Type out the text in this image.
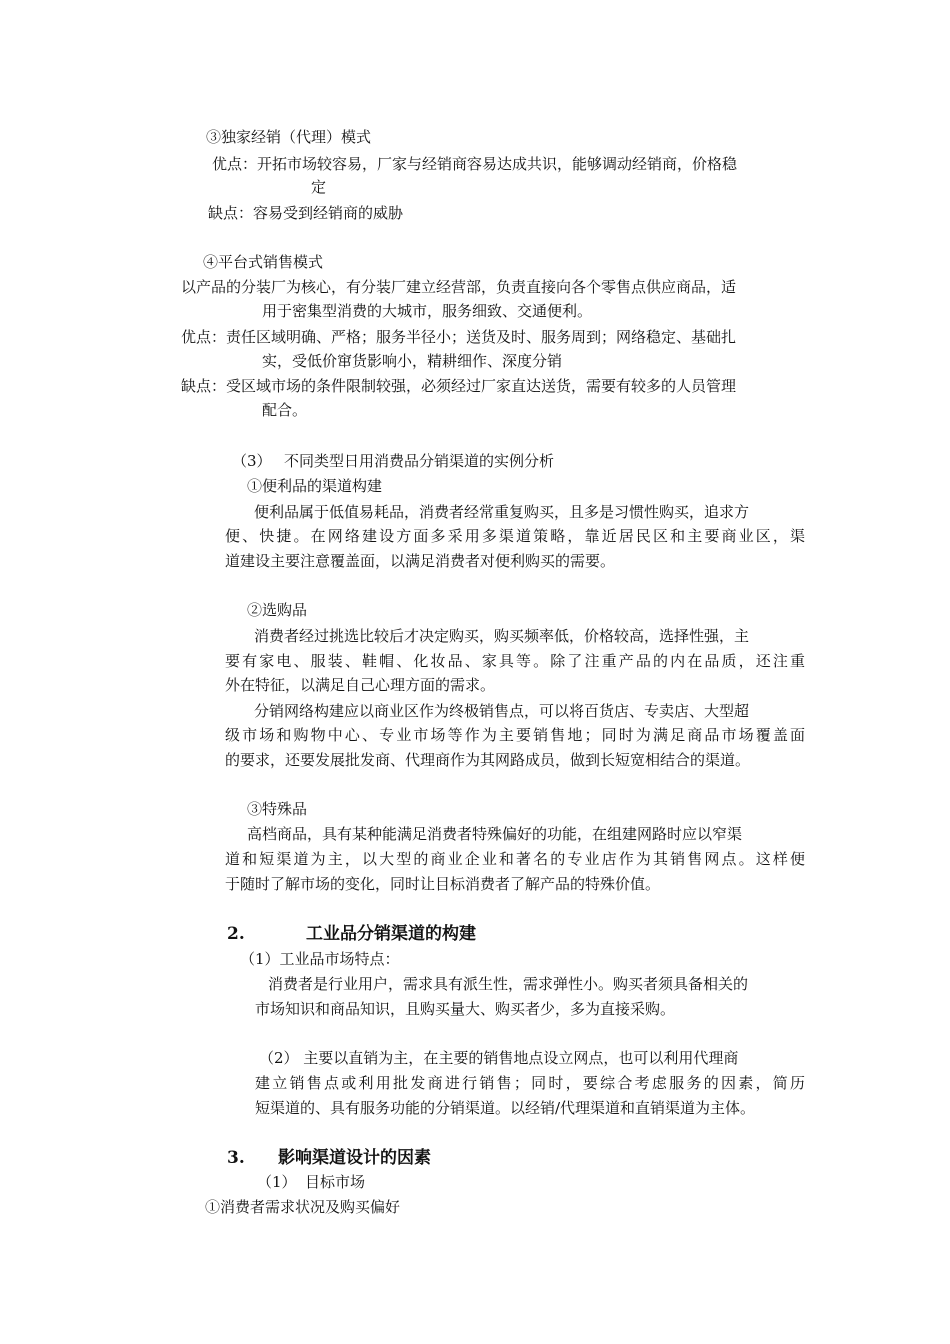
③独家经销（代理）模式
优点：开拓市场较容易，厂家与经销商容易达成共识，能够调动经销商，价格稳
定
缺点：容易受到经销商的威胁
④平台式销售模式
以产品的分装厂为核心，有分装厂建立经营部，负责直接向各个零售点供应商品，适
用于密集型消费的大城市，服务细致、交通便利。
优点：责任区域明确、严格；服务半径小；送货及时、服务周到；网络稳定、基础扎
实，受低价窜货影响小，精耕细作、深度分销
缺点：受区域市场的条件限制较强，必须经过厂家直达送货，需要有较多的人员管理
配合。
（3） 不同类型日用消费品分销渠道的实例分析
①便利品的渠道构建
便利品属于低值易耗品，消费者经常重复购买，且多是习惯性购买，追求方
便、快捷。在网络建设方面多采用多渠道策略，靠近居民区和主要商业区，渠
道建设主要注意覆盖面，以满足消费者对便利购买的需要。
②选购品
消费者经过挑选比较后才决定购买，购买频率低，价格较高，选择性强，主
要有家电、服装、鞋帽、化妆品、家具等。除了注重产品的内在品质，还注重
外在特征，以满足自己心理方面的需求。
分销网络构建应以商业区作为终极销售点，可以将百货店、专卖店、大型超
级市场和购物中心、专业市场等作为主要销售地；同时为满足商品市场覆盖面
的要求，还要发展批发商、代理商作为其网路成员，做到长短宽相结合的渠道。
③特殊品
高档商品，具有某种能满足消费者特殊偏好的功能，在组建网路时应以窄渠
道和短渠道为主，以大型的商业企业和著名的专业店作为其销售网点。这样便
于随时了解市场的变化，同时让目标消费者了解产品的特殊价值。
2.	工业品分销渠道的构建
（1）工业品市场特点：
消费者是行业用户，需求具有派生性，需求弹性小。购买者须具备相关的
市场知识和商品知识，且购买量大、购买者少，多为直接采购。
（2） 主要以直销为主，在主要的销售地点设立网点，也可以利用代理商
建立销售点或利用批发商进行销售；同时，要综合考虑服务的因素，简历
短渠道的、具有服务功能的分销渠道。以经销/代理渠道和直销渠道为主体。
3. 影响渠道设计的因素
（1） 目标市场
①消费者需求状况及购买偏好
